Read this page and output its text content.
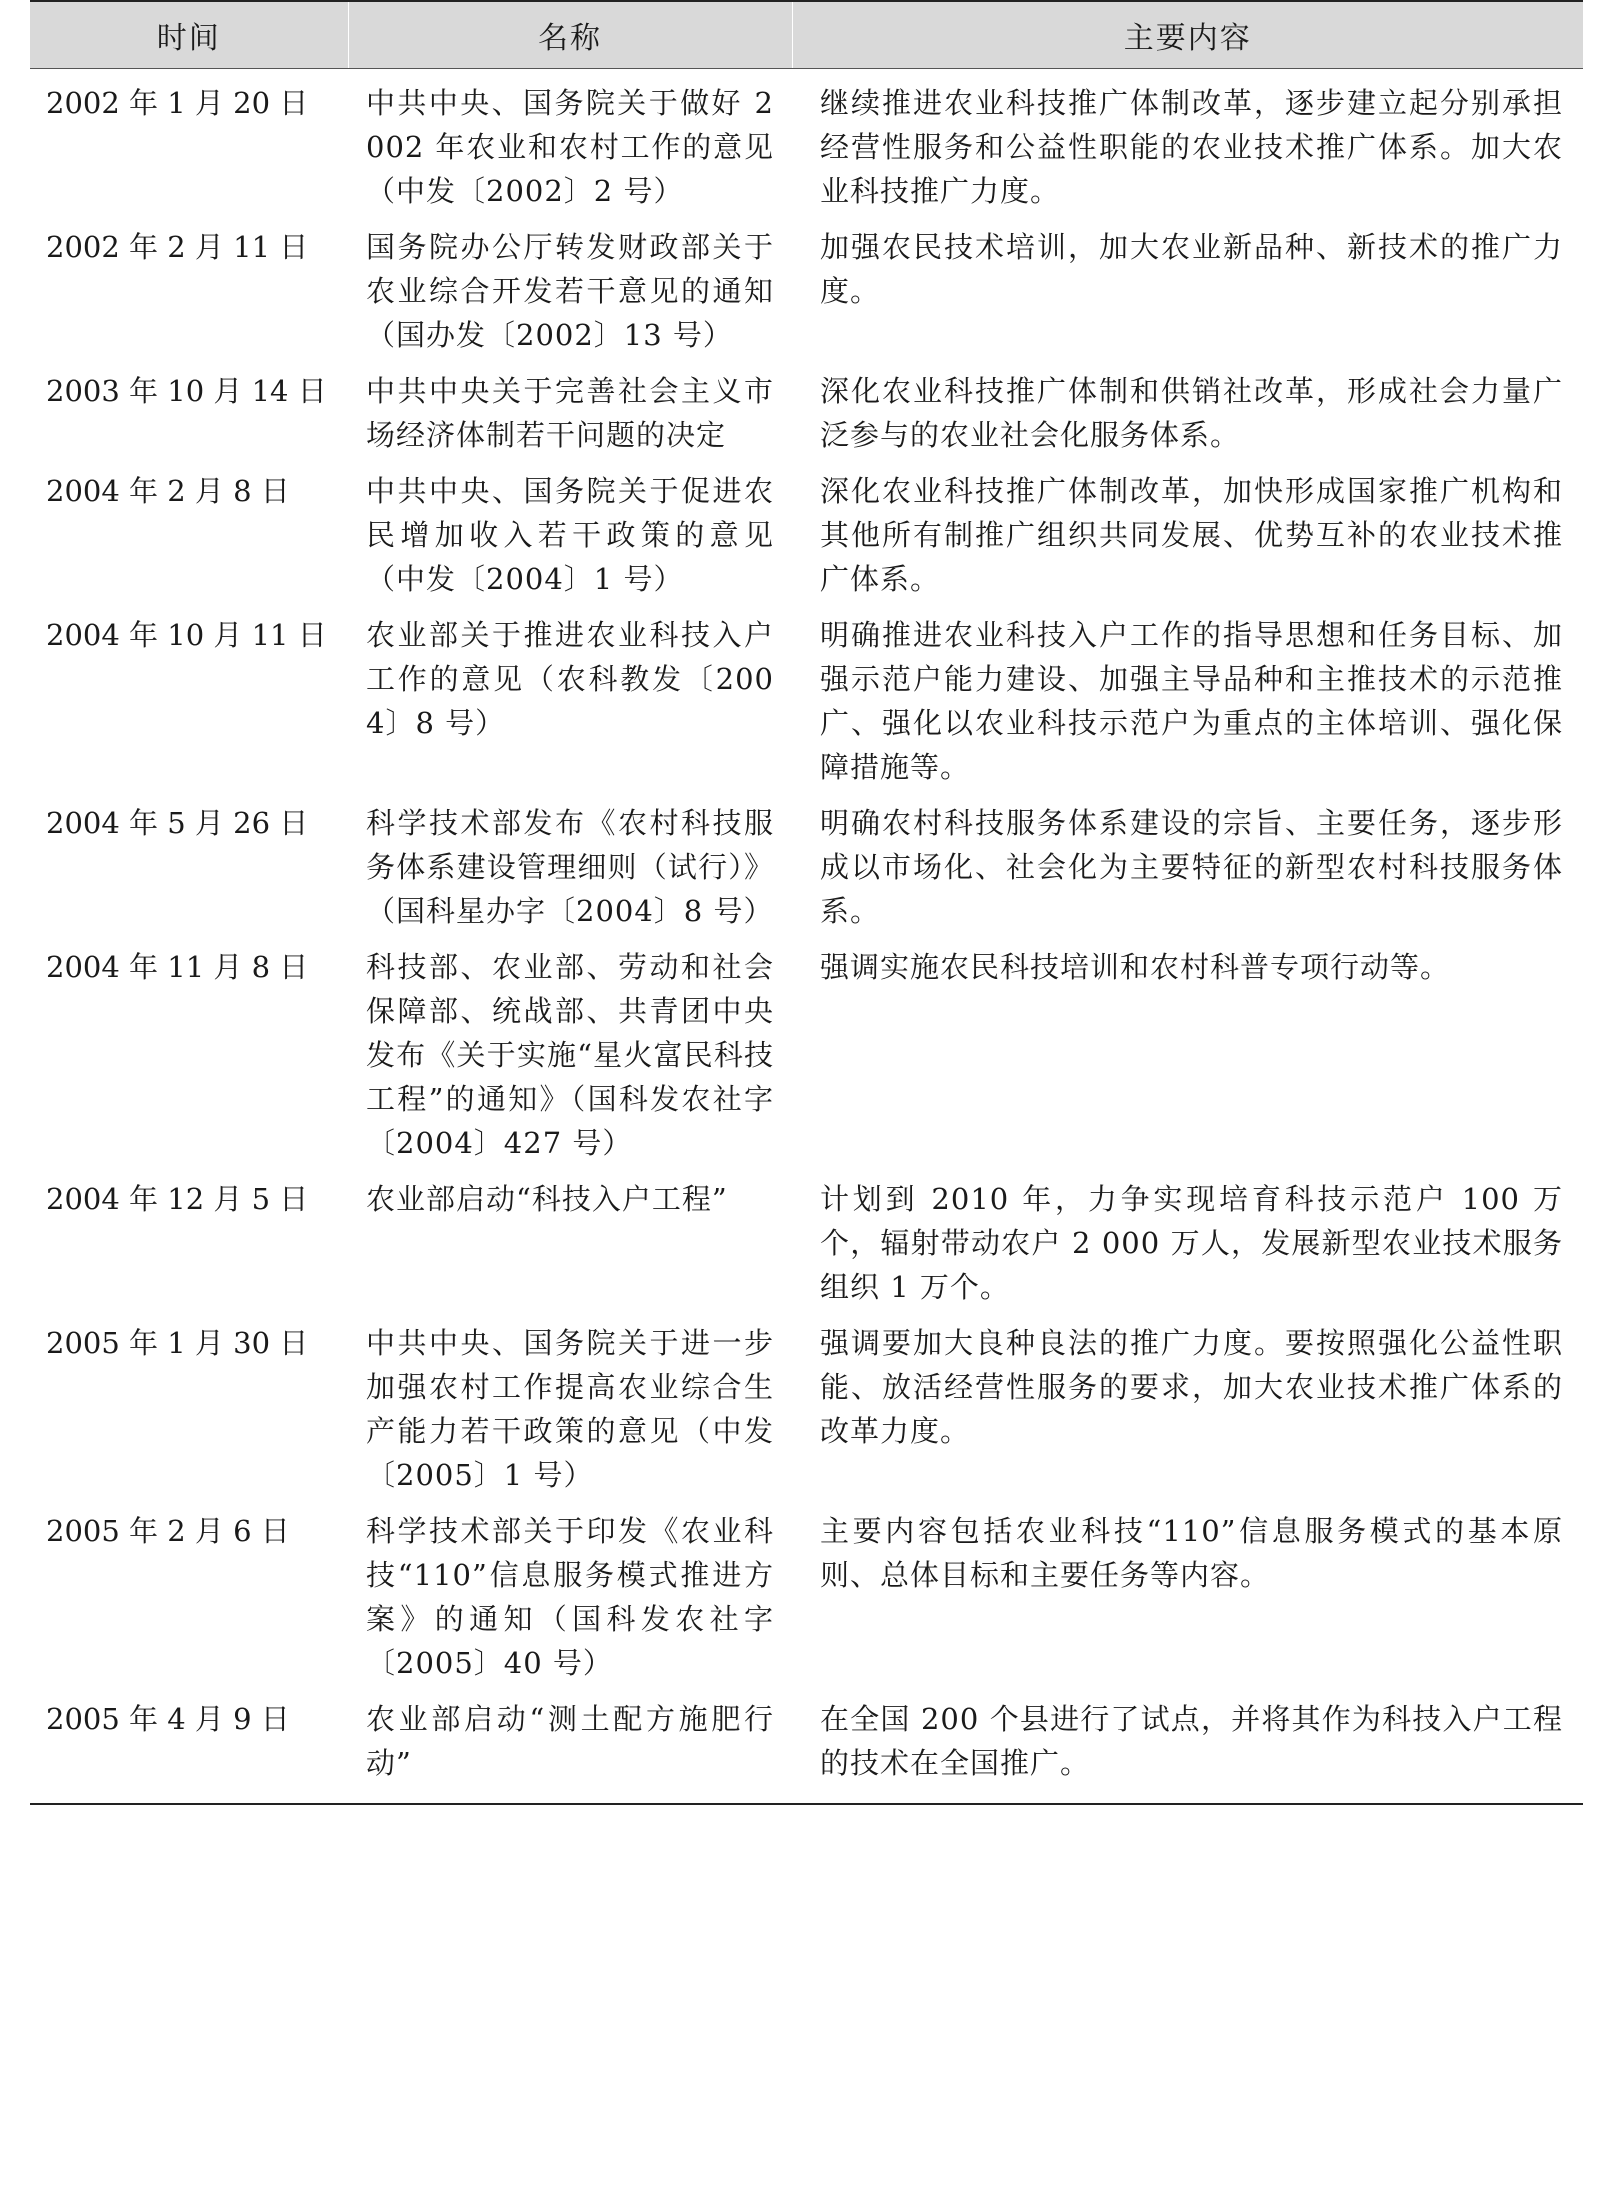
时间	名称	主要内容
2002 年 1 月 20 日	中共中央、国务院关于做好 2002 年农业和农村工作的意见（中发〔2002〕2 号）	继续推进农业科技推广体制改革，逐步建立起分别承担经营性服务和公益性职能的农业技术推广体系。加大农业科技推广力度。
2002 年 2 月 11 日	国务院办公厅转发财政部关于农业综合开发若干意见的通知（国办发〔2002〕13 号）	加强农民技术培训，加大农业新品种、新技术的推广力度。
2003 年 10 月 14 日	中共中央关于完善社会主义市场经济体制若干问题的决定	深化农业科技推广体制和供销社改革，形成社会力量广泛参与的农业社会化服务体系。
2004 年 2 月 8 日	中共中央、国务院关于促进农民增加收入若干政策的意见（中发〔2004〕1 号）	深化农业科技推广体制改革，加快形成国家推广机构和其他所有制推广组织共同发展、优势互补的农业技术推广体系。
2004 年 10 月 11 日	农业部关于推进农业科技入户工作的意见（农科教发〔2004〕8 号）	明确推进农业科技入户工作的指导思想和任务目标、加强示范户能力建设、加强主导品种和主推技术的示范推广、强化以农业科技示范户为重点的主体培训、强化保障措施等。
2004 年 5 月 26 日	科学技术部发布《农村科技服务体系建设管理细则（试行）》（国科星办字〔2004〕8 号）	明确农村科技服务体系建设的宗旨、主要任务，逐步形成以市场化、社会化为主要特征的新型农村科技服务体系。
2004 年 11 月 8 日	科技部、农业部、劳动和社会保障部、统战部、共青团中央发布《关于实施“星火富民科技工程”的通知》（国科发农社字〔2004〕427 号）	强调实施农民科技培训和农村科普专项行动等。
2004 年 12 月 5 日	农业部启动“科技入户工程”	计划到 2010 年，力争实现培育科技示范户 100 万个，辐射带动农户 2 000 万人，发展新型农业技术服务组织 1 万个。
2005 年 1 月 30 日	中共中央、国务院关于进一步加强农村工作提高农业综合生产能力若干政策的意见（中发〔2005〕1 号）	强调要加大良种良法的推广力度。要按照强化公益性职能、放活经营性服务的要求，加大农业技术推广体系的改革力度。
2005 年 2 月 6 日	科学技术部关于印发《农业科技“110”信息服务模式推进方案》的通知（国科发农社字〔2005〕40 号）	主要内容包括农业科技“110”信息服务模式的基本原则、总体目标和主要任务等内容。
2005 年 4 月 9 日	农业部启动“测土配方施肥行动”	在全国 200 个县进行了试点，并将其作为科技入户工程的技术在全国推广。
